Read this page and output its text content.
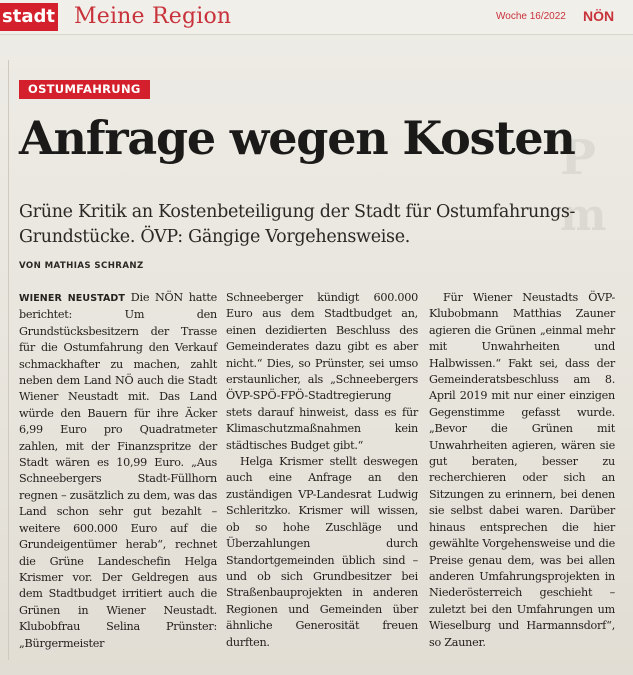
P
m
stadt Meine Region	Woche 16/2022 NÖN
OSTUMFAHRUNG
Anfrage wegen Kosten

Grüne Kritik an Kostenbeteiligung der Stadt für Ostumfahrungs-Grundstücke. ÖVP: Gängige Vorgehensweise.

VON MATHIAS SCHRANZ

WIENER NEUSTADT Die NÖN hatte berichtet: Um den Grundstücksbesitzern der Trasse für die Ostumfahrung den Verkauf schmackhafter zu machen, zahlt neben dem Land NÖ auch die Stadt Wiener Neustadt mit. Das Land würde den Bauern für ihre Äcker 6,99 Euro pro Quadratmeter zahlen, mit der Finanzspritze der Stadt wären es 10,99 Euro. „Aus Schneebergers Stadt-Füllhorn regnen – zusätzlich zu dem, was das Land schon sehr gut bezahlt – weitere 600.000 Euro auf die Grundeigentümer herab“, rechnet die Grüne Landeschefin Helga Krismer vor. Der Geldregen aus dem Stadtbudget irritiert auch die Grünen in Wiener Neustadt. Klubobfrau Selina Prünster: „Bürgermeister

Schneeberger kündigt 600.000 Euro aus dem Stadtbudget an, einen dezidierten Beschluss des Gemeinderates dazu gibt es aber nicht.“ Dies, so Prünster, sei umso erstaunlicher, als „Schneebergers ÖVP-SPÖ-FPÖ-Stadtregierung stets darauf hinweist, dass es für Klimaschutzmaßnahmen kein städtisches Budget gibt.“

Helga Krismer stellt deswegen auch eine Anfrage an den zuständigen VP-Landesrat Ludwig Schleritzko. Krismer will wissen, ob so hohe Zuschläge und Überzahlungen durch Standortgemeinden üblich sind – und ob sich Grundbesitzer bei Straßenbauprojekten in anderen Regionen und Gemeinden über ähnliche Generosität freuen durften.

Für Wiener Neustadts ÖVP-Klubobmann Matthias Zauner agieren die Grünen „einmal mehr mit Unwahrheiten und Halbwissen.“ Fakt sei, dass der Gemeinderatsbeschluss am 8. April 2019 mit nur einer einzigen Gegenstimme gefasst wurde. „Bevor die Grünen mit Unwahrheiten agieren, wären sie gut beraten, besser zu recherchieren oder sich an Sitzungen zu erinnern, bei denen sie selbst dabei waren. Darüber hinaus entsprechen die hier gewählte Vorgehensweise und die Preise genau dem, was bei allen anderen Umfahrungsprojekten in Niederösterreich geschieht – zuletzt bei den Umfahrungen um Wieselburg und Harmannsdorf“, so Zauner.
